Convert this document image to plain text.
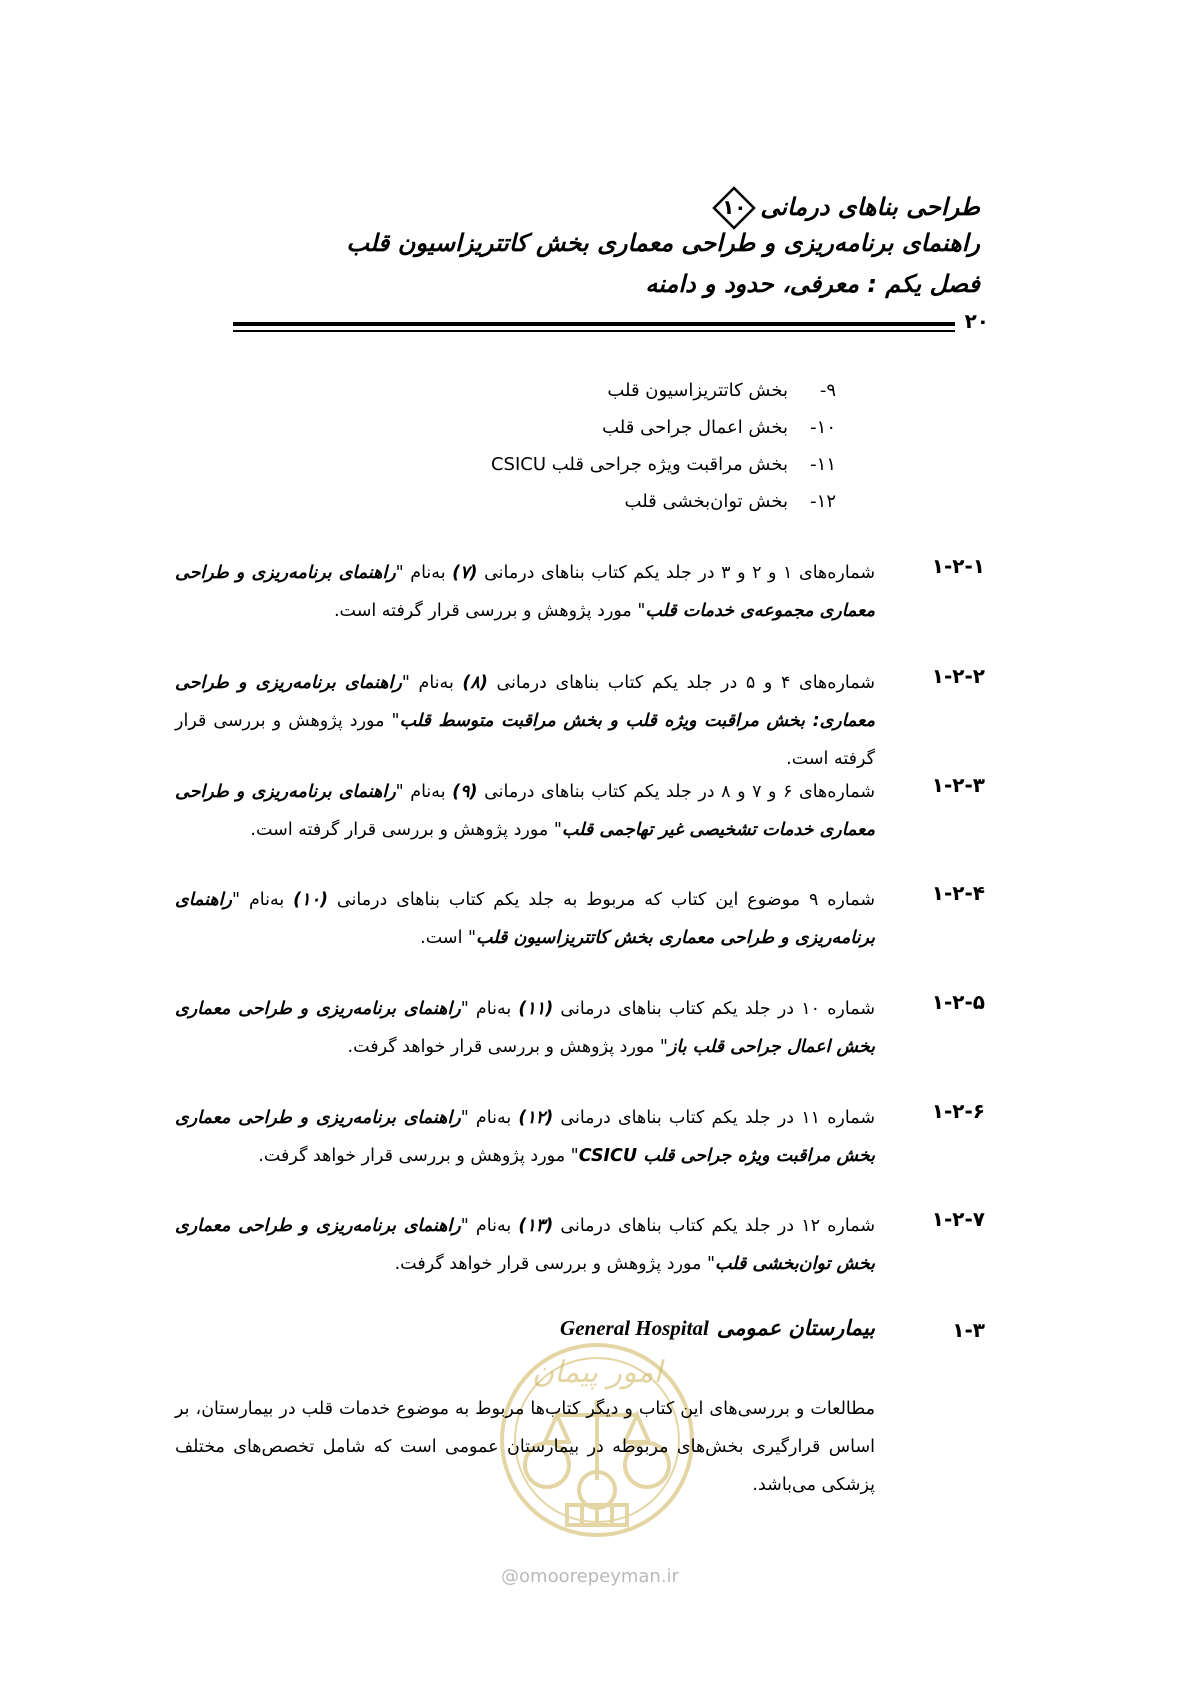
طراحی بناهای درمانی
۱۰
راهنمای برنامه‌ریزی و طراحی معماری بخش کاتتریزاسیون قلب
فصل یکم : معرفی، حدود و دامنه
۲۰
۹-بخش کاتتریزاسیون قلب
۱۰-بخش اعمال جراحی قلب
۱۱-بخش مراقبت ویژه جراحی قلب CSICU
۱۲-بخش توان‌بخشی قلب
۱-۲-۱
شماره‌های ۱ و ۲ و ۳ در جلد یکم کتاب بناهای درمانی (۷) به‌نام "راهنمای برنامه‌ریزی و طراحی معماری مجموعه‌ی خدمات قلب" مورد پژوهش و بررسی قرار گرفته است.
۱-۲-۲
شماره‌های ۴ و ۵ در جلد یکم کتاب بناهای درمانی (۸) به‌نام "راهنمای برنامه‌ریزی و طراحی معماری: بخش مراقبت ویژه قلب و بخش مراقبت متوسط قلب" مورد پژوهش و بررسی قرار گرفته است.
۱-۲-۳
شماره‌های ۶ و ۷ و ۸ در جلد یکم کتاب بناهای درمانی (۹) به‌نام "راهنمای برنامه‌ریزی و طراحی معماری خدمات تشخیصی غیر تهاجمی قلب" مورد پژوهش و بررسی قرار گرفته است.
۱-۲-۴
شماره ۹ موضوع این کتاب که مربوط به جلد یکم کتاب بناهای درمانی (۱۰) به‌نام "راهنمای برنامه‌ریزی و طراحی معماری بخش کاتتریزاسیون قلب" است.
۱-۲-۵
شماره ۱۰ در جلد یکم کتاب بناهای درمانی (۱۱) به‌نام "راهنمای برنامه‌ریزی و طراحی معماری بخش اعمال جراحی قلب باز" مورد پژوهش و بررسی قرار خواهد گرفت.
۱-۲-۶
شماره ۱۱ در جلد یکم کتاب بناهای درمانی (۱۲) به‌نام "راهنمای برنامه‌ریزی و طراحی معماری بخش مراقبت ویژه جراحی قلب CSICU" مورد پژوهش و بررسی قرار خواهد گرفت.
۱-۲-۷
شماره ۱۲ در جلد یکم کتاب بناهای درمانی (۱۳) به‌نام "راهنمای برنامه‌ریزی و طراحی معماری بخش توان‌بخشی قلب" مورد پژوهش و بررسی قرار خواهد گرفت.
۱-۳
بیمارستان عمومیGeneral Hospital
امور پیمان
@omoorepeyman.ir
مطالعات و بررسی‌های این کتاب و دیگر کتاب‌ها مربوط به موضوع خدمات قلب در بیمارستان، بر اساس قرارگیری بخش‌های مربوطه در بیمارستان عمومی است که شامل تخصص‌های مختلف پزشکی می‌باشد.
